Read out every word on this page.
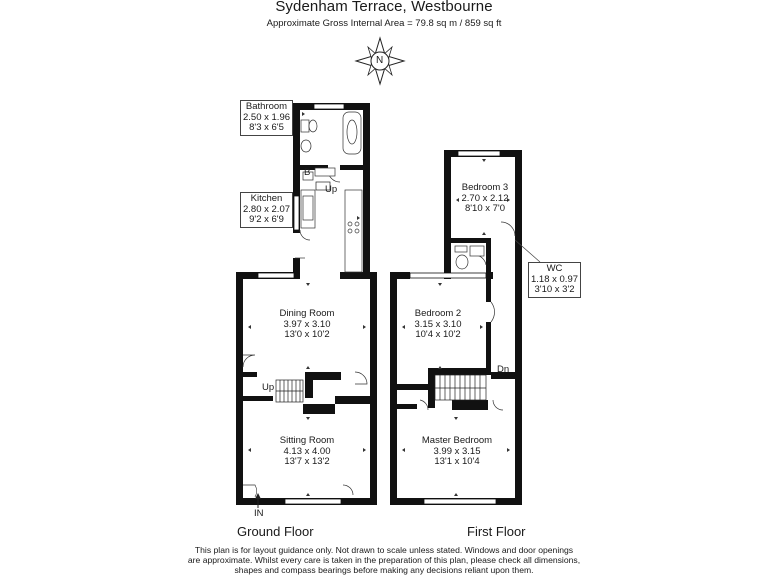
Sydenham Terrace, Westbourne
Approximate Gross Internal Area = 79.8 sq m / 859 sq ft
Bathroom
2.50 x 1.96
8'3 x 6'5
Kitchen
2.80 x 2.07
9'2 x 6'9
WC
1.18 x 0.97
3'10 x 3'2
Dining Room
3.97 x 3.10
13'0 x 10'2
Sitting Room
4.13 x 4.00
13'7 x 13'2
Bedroom 3
2.70 x 2.12
8'10 x 7'0
Bedroom 2
3.15 x 3.10
10'4 x 10'2
Master Bedroom
3.99 x 3.15
13'1 x 10'4
B
Up
Up
Dn
IN
Ground Floor	First Floor
This plan is for layout guidance only. Not drawn to scale unless stated. Windows and door openings
are approximate. Whilst every care is taken in the preparation of this plan, please check all dimensions,
shapes and compass bearings before making any decisions reliant upon them.
N
